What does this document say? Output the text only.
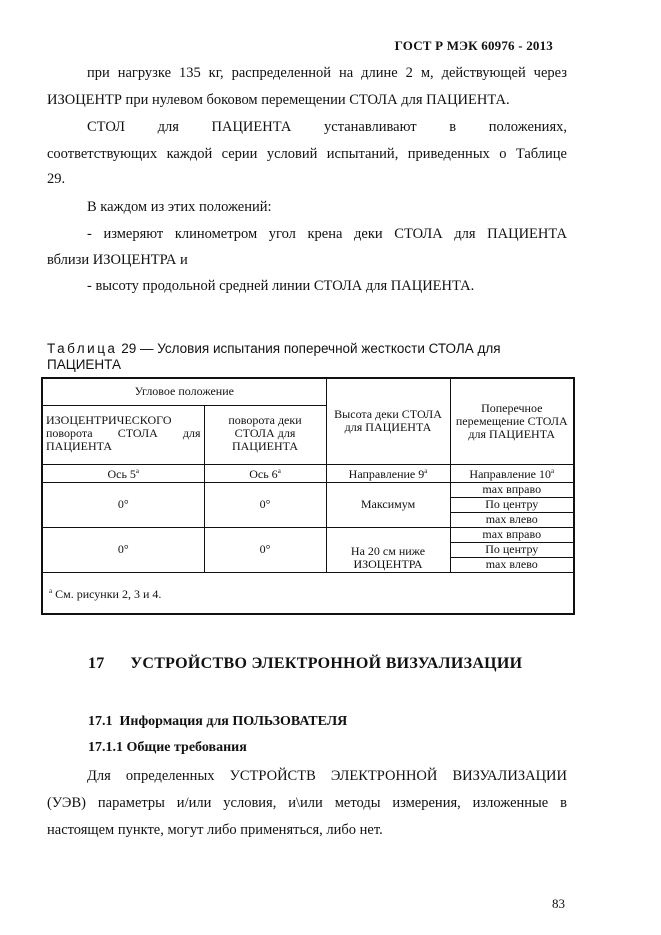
ГОСТ Р МЭК 60976 - 2013
при нагрузке 135 кг, распределенной на длине 2 м, действующей через
ИЗОЦЕНТР при нулевом боковом перемещении СТОЛА для ПАЦИЕНТА.
СТОЛ для ПАЦИЕНТА устанавливают в положениях,
соответствующих каждой серии условий испытаний, приведенных о Таблице
29.
В каждом из этих положений:
- измеряют клинометром угол крена деки СТОЛА для ПАЦИЕНТА
вблизи ИЗОЦЕНТРА и
- высоту продольной средней линии СТОЛА для ПАЦИЕНТА.
Таблица 29 — Условия испытания поперечной жесткости СТОЛА для ПАЦИЕНТА
Угловое положение		Высота деки СТОЛА для ПАЦИЕНТА	Поперечное перемещение СТОЛА для ПАЦИЕНТА
ИЗОЦЕНТРИЧЕСКОГО поворота СТОЛА для ПАЦИЕНТА	поворота деки СТОЛА для ПАЦИЕНТА		
Ось 5$^a$	Ось 6$^a$	Направление 9$^a$	Направление 10$^a$
0°	0°	Максимум	max вправо
			По центру
			max влево
0°	0°	На 20 см ниже ИЗОЦЕНТРА	max вправо
			По центру
			max влево
$^a$ См. рисунки 2, 3 и 4.			
17 УСТРОЙСТВО ЭЛЕКТРОННОЙ ВИЗУАЛИЗАЦИИ
17.1  Информация для ПОЛЬЗОВАТЕЛЯ
17.1.1 Общие требования
Для определенных УСТРОЙСТВ ЭЛЕКТРОННОЙ ВИЗУАЛИЗАЦИИ
(УЭВ) параметры и/или условия, и\или методы измерения, изложенные в
настоящем пункте, могут либо применяться, либо нет.
83
